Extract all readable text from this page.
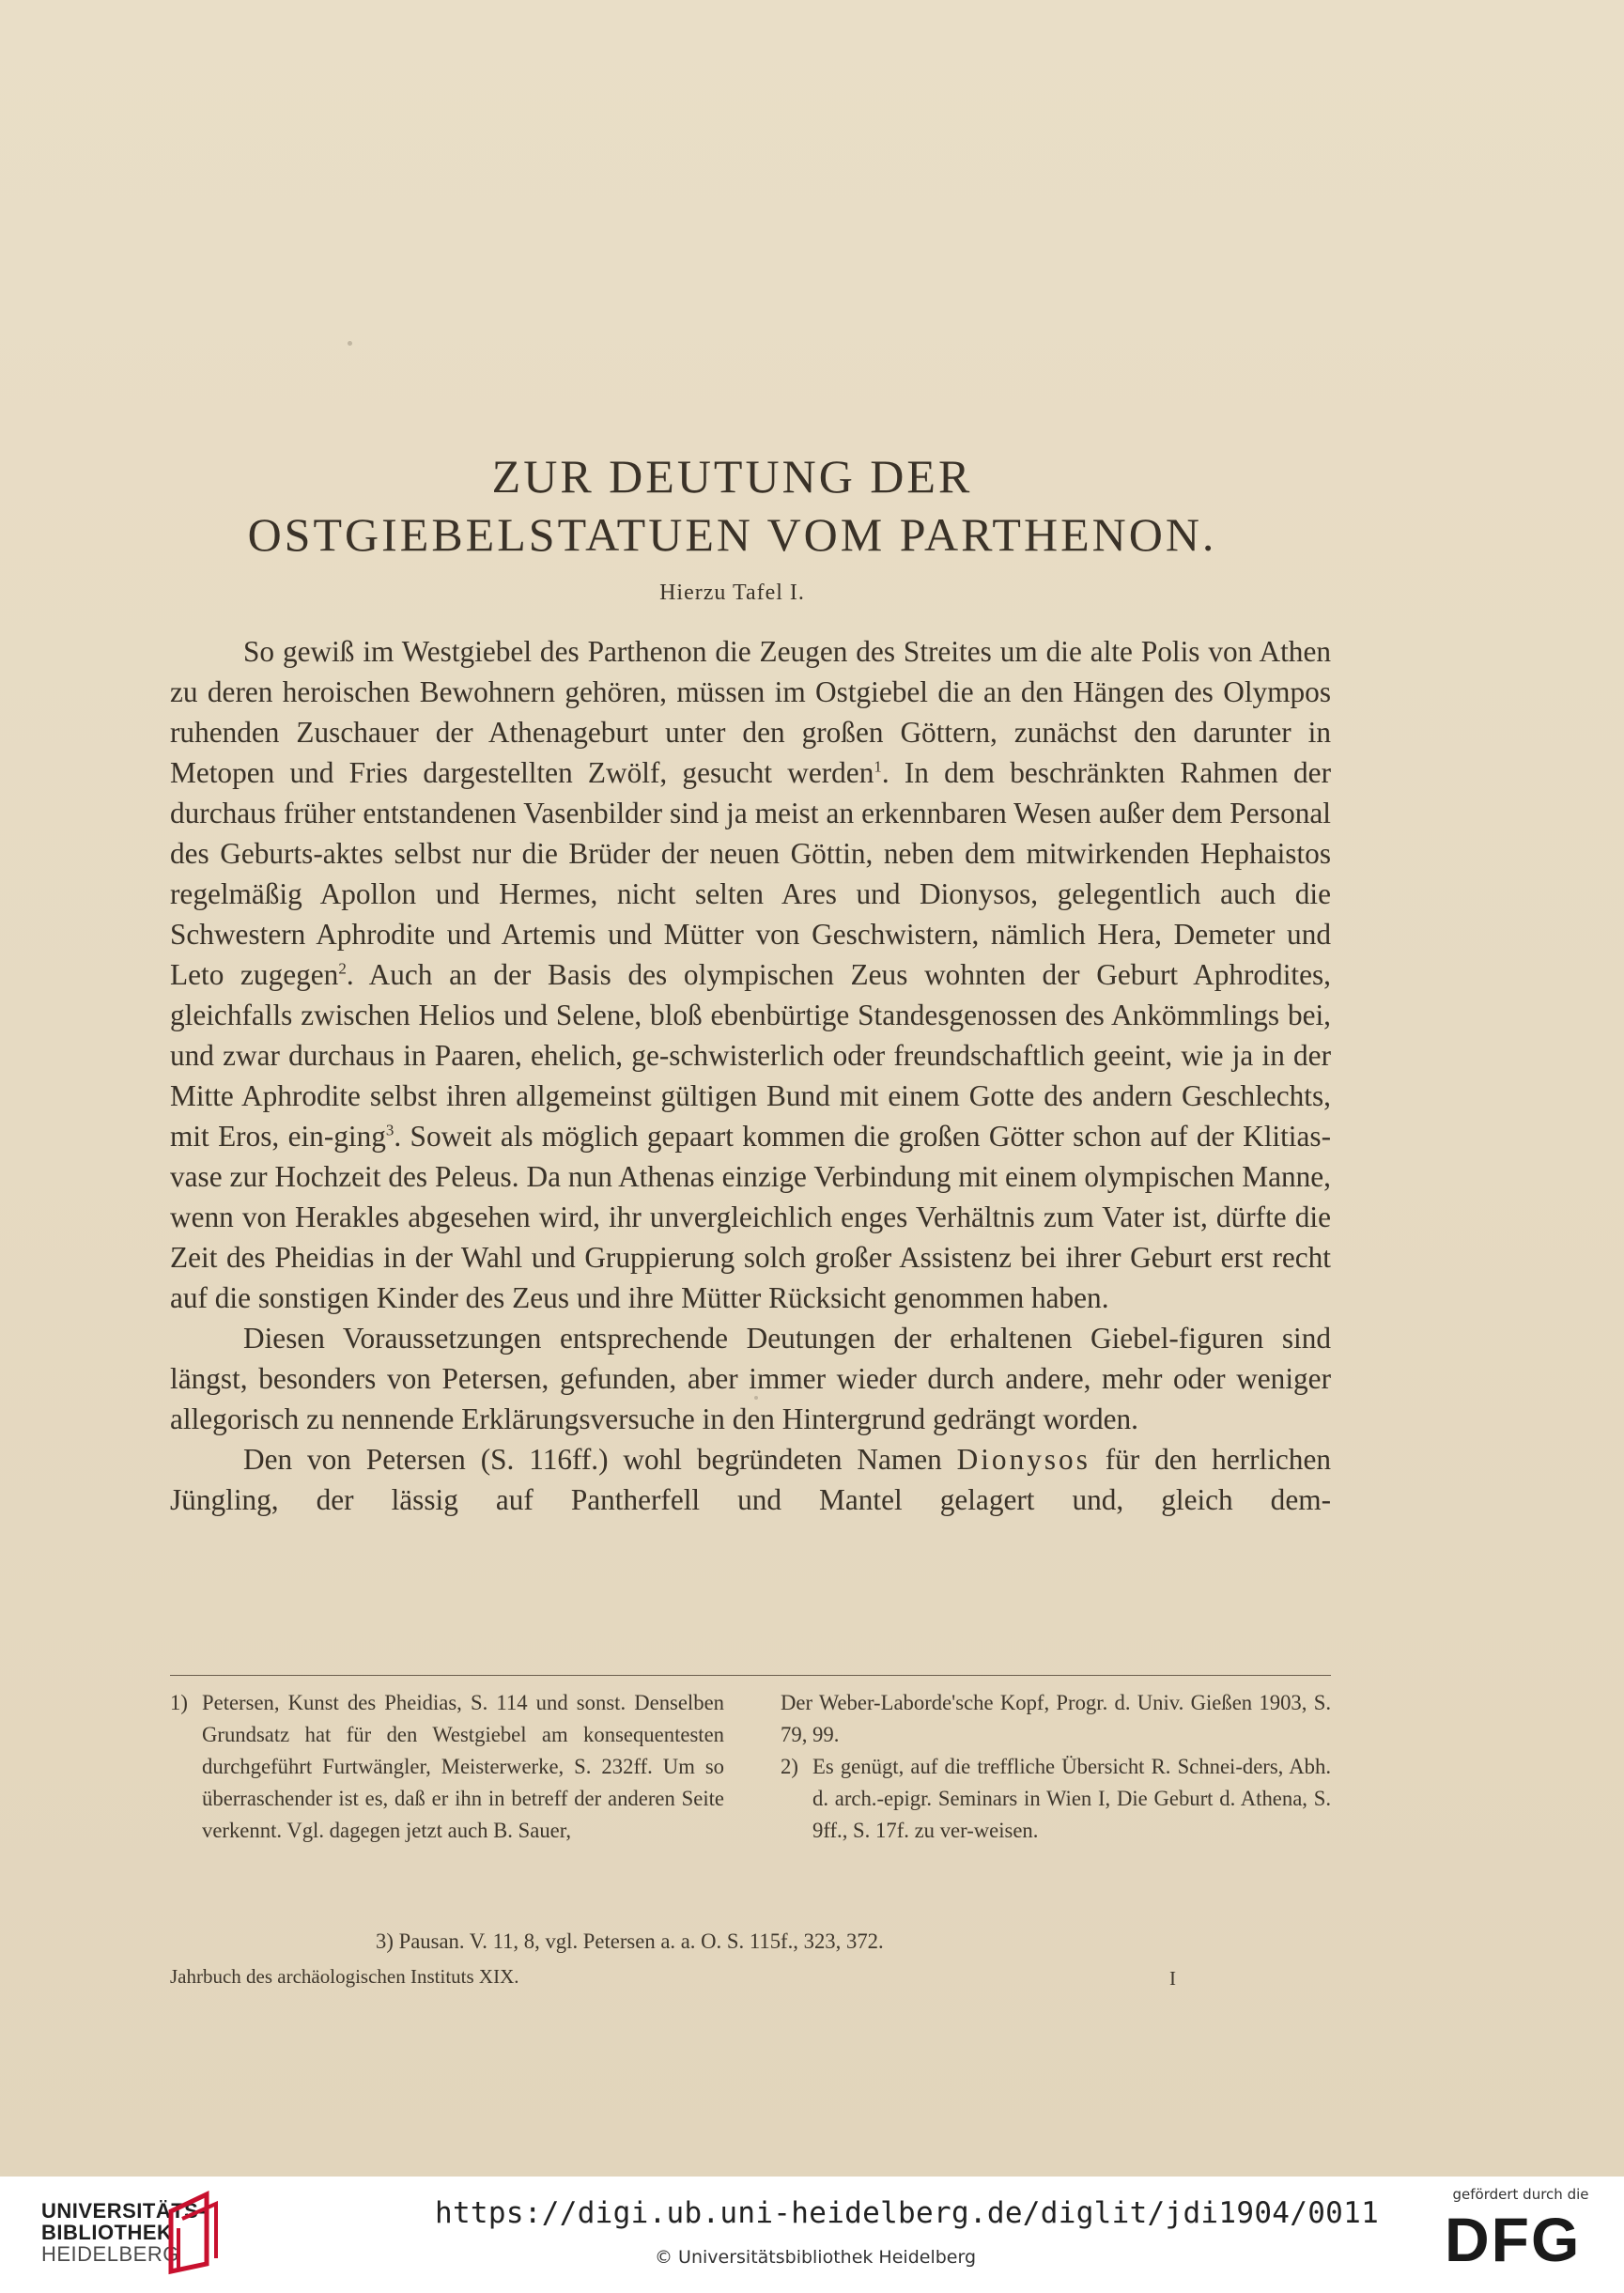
ZUR DEUTUNG DER
OSTGIEBELSTATUEN VOM PARTHENON.
Hierzu Tafel I.

So gewiß im Westgiebel des Parthenon die Zeugen des Streites um die alte Polis von Athen zu deren heroischen Bewohnern gehören, müssen im Ostgiebel die an den Hängen des Olympos ruhenden Zuschauer der Athenageburt unter den großen Göttern, zunächst den darunter in Metopen und Fries dargestellten Zwölf, gesucht werden$^1$. In dem beschränkten Rahmen der durchaus früher entstandenen Vasenbilder sind ja meist an erkennbaren Wesen außer dem Personal des Geburts-aktes selbst nur die Brüder der neuen Göttin, neben dem mitwirkenden Hephaistos regelmäßig Apollon und Hermes, nicht selten Ares und Dionysos, gelegentlich auch die Schwestern Aphrodite und Artemis und Mütter von Geschwistern, nämlich Hera, Demeter und Leto zugegen$^2$. Auch an der Basis des olympischen Zeus wohnten der Geburt Aphrodites, gleichfalls zwischen Helios und Selene, bloß ebenbürtige Standesgenossen des Ankömmlings bei, und zwar durchaus in Paaren, ehelich, ge-schwisterlich oder freundschaftlich geeint, wie ja in der Mitte Aphrodite selbst ihren allgemeinst gültigen Bund mit einem Gotte des andern Geschlechts, mit Eros, ein-ging$^3$. Soweit als möglich gepaart kommen die großen Götter schon auf der Klitias-vase zur Hochzeit des Peleus. Da nun Athenas einzige Verbindung mit einem olympischen Manne, wenn von Herakles abgesehen wird, ihr unvergleichlich enges Verhältnis zum Vater ist, dürfte die Zeit des Pheidias in der Wahl und Gruppierung solch großer Assistenz bei ihrer Geburt erst recht auf die sonstigen Kinder des Zeus und ihre Mütter Rücksicht genommen haben.

Diesen Voraussetzungen entsprechende Deutungen der erhaltenen Giebel-figuren sind längst, besonders von Petersen, gefunden, aber immer wieder durch andere, mehr oder weniger allegorisch zu nennende Erklärungsversuche in den Hintergrund gedrängt worden.

Den von Petersen (S. 116ff.) wohl begründeten Namen Dionysos für den herrlichen Jüngling, der lässig auf Pantherfell und Mantel gelagert und, gleich dem-

1) Petersen, Kunst des Pheidias, S. 114 und sonst. Denselben Grundsatz hat für den Westgiebel am konsequentesten durchgeführt Furtwängler, Meisterwerke, S. 232ff. Um so überraschender ist es, daß er ihn in betreff der anderen Seite verkennt. Vgl. dagegen jetzt auch B. Sauer,

Der Weber-Laborde'sche Kopf, Progr. d. Univ. Gießen 1903, S. 79, 99.

2) Es genügt, auf die treffliche Übersicht R. Schnei-ders, Abh. d. arch.-epigr. Seminars in Wien I, Die Geburt d. Athena, S. 9ff., S. 17f. zu ver-weisen.

3) Pausan. V. 11, 8, vgl. Petersen a. a. O. S. 115f., 323, 372.
Jahrbuch des archäologischen Instituts XIX.	I
UNIVERSITÄTS-
BIBLIOTHEK
HEIDELBERG
https://digi.ub.uni-heidelberg.de/diglit/jdi1904/0011
© Universitätsbibliothek Heidelberg
gefördert durch die
DFG
